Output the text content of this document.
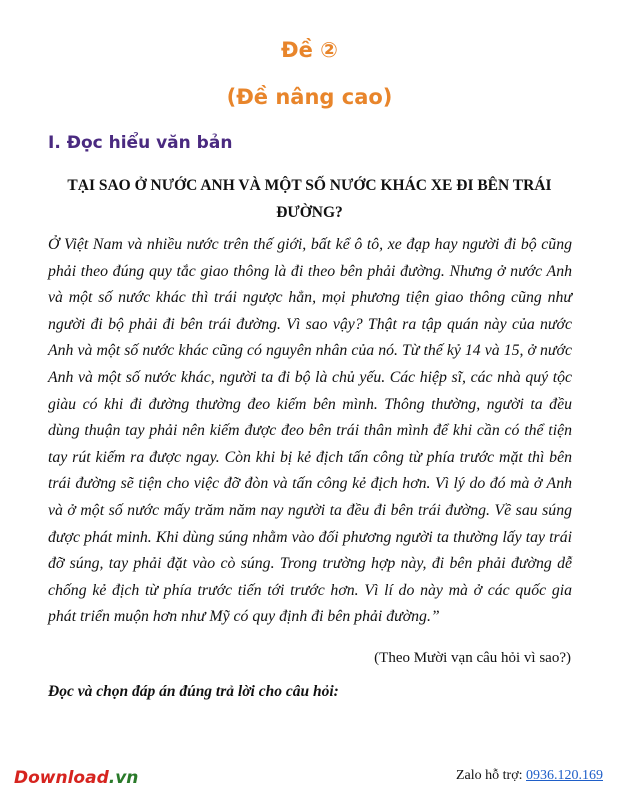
Đề ②
(Đề nâng cao)
I. Đọc hiểu văn bản
TẠI SAO Ở NƯỚC ANH VÀ MỘT SỐ NƯỚC KHÁC XE ĐI BÊN TRÁI
ĐƯỜNG?

Ở Việt Nam và nhiều nước trên thế giới, bất kể ô tô, xe đạp hay người đi bộ cũng phải theo đúng quy tắc giao thông là đi theo bên phải đường. Nhưng ở nước Anh và một số nước khác thì trái ngược hẳn, mọi phương tiện giao thông cũng như người đi bộ phải đi bên trái đường. Vì sao vậy? Thật ra tập quán này của nước Anh và một số nước khác cũng có nguyên nhân của nó. Từ thế kỷ 14 và 15, ở nước Anh và một số nước khác, người ta đi bộ là chủ yếu. Các hiệp sĩ, các nhà quý tộc giàu có khi đi đường thường đeo kiếm bên mình. Thông thường, người ta đều dùng thuận tay phải nên kiếm được đeo bên trái thân mình để khi cần có thể tiện tay rút kiếm ra được ngay. Còn khi bị kẻ địch tấn công từ phía trước mặt thì bên trái đường sẽ tiện cho việc đỡ đòn và tấn công kẻ địch hơn. Vì lý do đó mà ở Anh và ở một số nước mấy trăm năm nay người ta đều đi bên trái đường. Về sau súng được phát minh. Khi dùng súng nhằm vào đối phương người ta thường lấy tay trái đỡ súng, tay phải đặt vào cò súng. Trong trường hợp này, đi bên phải đường dễ chống kẻ địch từ phía trước tiến tới trước hơn. Vì lí do này mà ở các quốc gia phát triển muộn hơn như Mỹ có quy định đi bên phải đường.”

(Theo Mười vạn câu hỏi vì sao?)
Đọc và chọn đáp án đúng trả lời cho câu hỏi:
Download.vn	Zalo hỗ trợ: 0936.120.169
